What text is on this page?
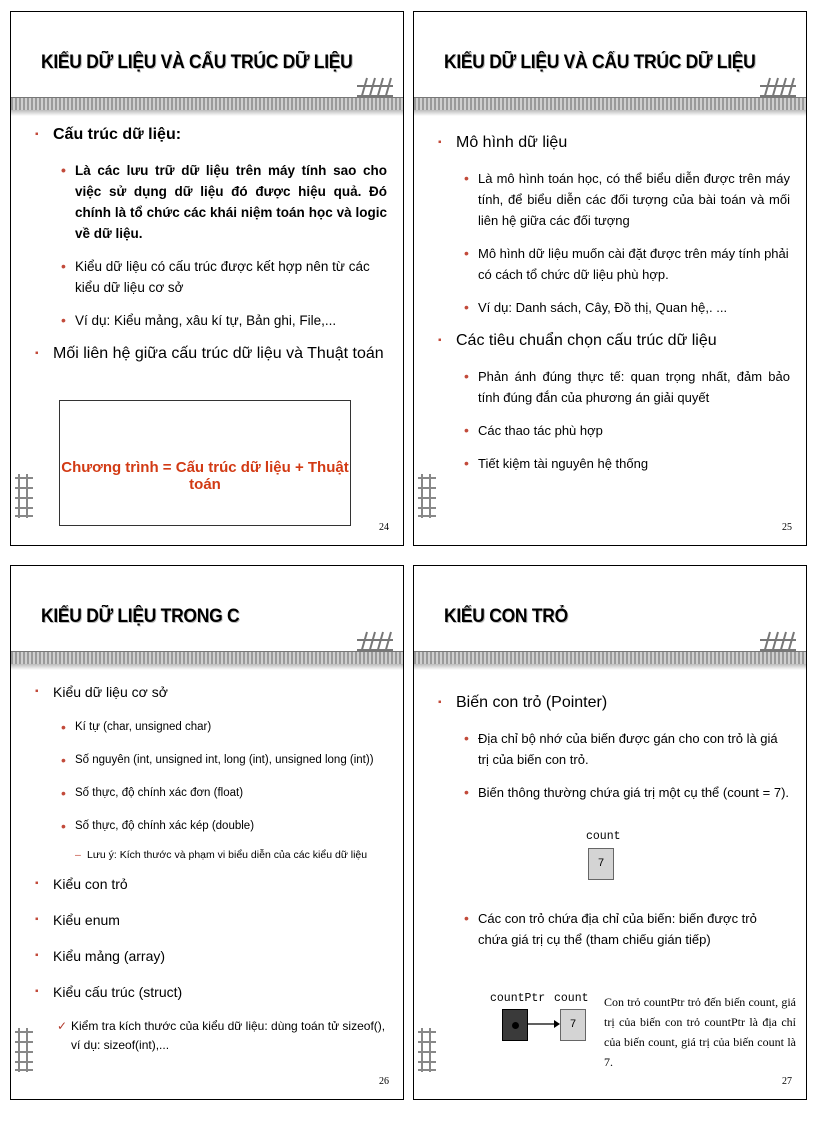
KIỂU DỮ LIỆU VÀ CẤU TRÚC DỮ LIỆU
▪ Cấu trúc dữ liệu:
• Là các lưu trữ dữ liệu trên máy tính sao cho việc sử dụng dữ liệu đó được hiệu quả. Đó chính là tổ chức các khái niệm toán học và logic về dữ liệu.
• Kiểu dữ liệu có cấu trúc được kết hợp nên từ các kiểu dữ liệu cơ sở
• Ví dụ: Kiểu mảng, xâu kí tự, Bản ghi, File,...
▪ Mối liên hệ giữa cấu trúc dữ liệu và Thuật toán
Chương trình = Cấu trúc dữ liệu + Thuật toán
24
KIỂU DỮ LIỆU VÀ CẤU TRÚC DỮ LIỆU
▪ Mô hình dữ liệu
• Là mô hình toán học, có thể biểu diễn được trên máy tính, để biểu diễn các đối tượng của bài toán và mối liên hệ giữa các đối tượng
• Mô hình dữ liệu muốn cài đặt được trên máy tính phải có cách tổ chức dữ liệu phù hợp.
• Ví dụ: Danh sách, Cây, Đồ thị, Quan hệ,. ...
▪ Các tiêu chuẩn chọn cấu trúc dữ liệu
• Phản ánh đúng thực tế: quan trọng nhất, đảm bảo tính đúng đắn của phương án giải quyết
• Các thao tác phù hợp
• Tiết kiệm tài nguyên hệ thống
25
KIỂU DỮ LIỆU TRONG C
▪ Kiểu dữ liệu cơ sở
• Kí tự (char, unsigned char)
• Số nguyên (int, unsigned int, long (int), unsigned long (int))
• Số thực, độ chính xác đơn (float)
• Số thực, độ chính xác kép (double)
– Lưu ý: Kích thước và phạm vi biểu diễn của các kiểu dữ liệu
▪ Kiểu con trỏ
▪ Kiểu enum
▪ Kiểu mảng (array)
▪ Kiểu cấu trúc (struct)
✓ Kiểm tra kích thước của kiểu dữ liệu: dùng toán tử sizeof(), ví dụ: sizeof(int),...
26
KIỂU CON TRỎ
▪ Biến con trỏ (Pointer)
• Địa chỉ bộ nhớ của biến được gán cho con trỏ là giá trị của biến con trỏ.
• Biến thông thường chứa giá trị một cụ thể (count = 7).
count
7
• Các con trỏ chứa địa chỉ của biến: biến được trỏ chứa giá trị cụ thể (tham chiếu gián tiếp)
countPtr count
7
Con trỏ countPtr trỏ đến biến count, giá trị của biến con trỏ countPtr là địa chỉ của biến count, giá trị của biến count là 7.
27
